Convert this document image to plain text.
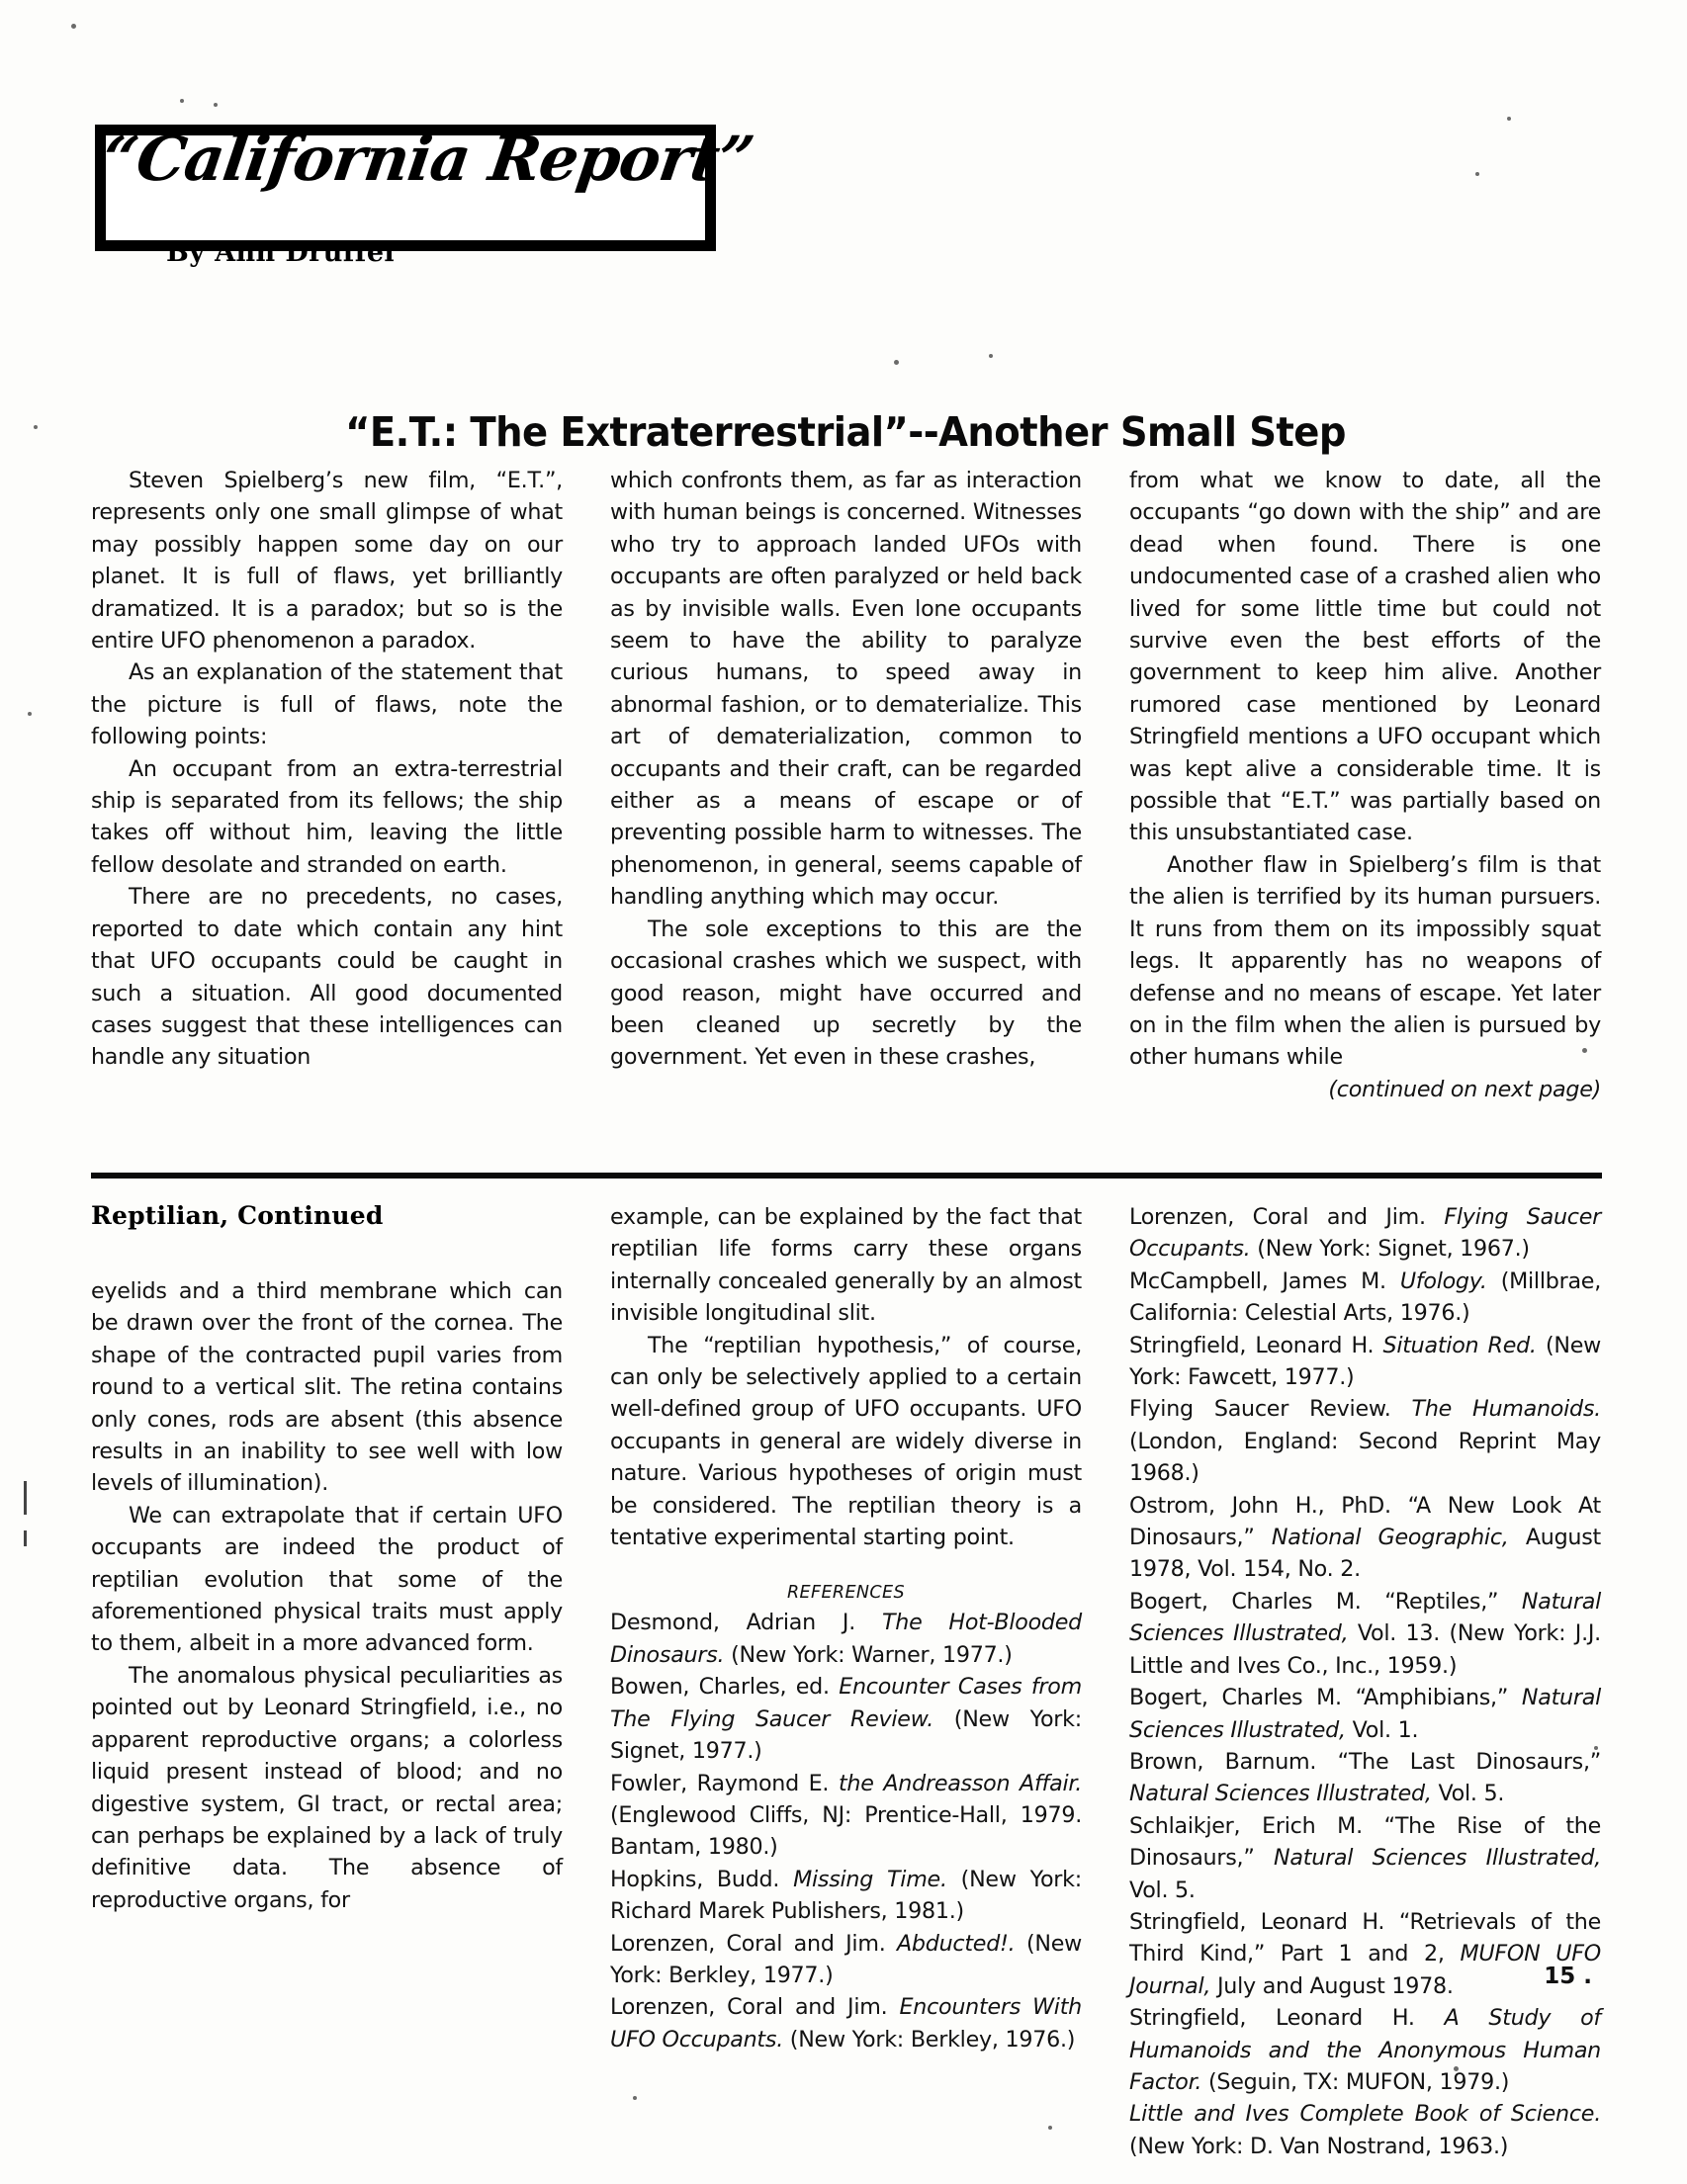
“California Report”
By Ann Druffel
“E.T.: The Extraterrestrial”--Another Small Step

Steven Spielberg’s new film, “E.T.”, represents only one small glimpse of what may possibly happen some day on our planet. It is full of flaws, yet brilliantly dramatized. It is a paradox; but so is the entire UFO phenomenon a paradox.

As an explanation of the statement that the picture is full of flaws, note the following points:

An occupant from an extra-terrestrial ship is separated from its fellows; the ship takes off without him, leaving the little fellow desolate and stranded on earth.

There are no precedents, no cases, reported to date which contain any hint that UFO occupants could be caught in such a situation. All good documented cases suggest that these intelligences can handle any situation

which confronts them, as far as interaction with human beings is concerned. Witnesses who try to approach landed UFOs with occupants are often paralyzed or held back as by invisible walls. Even lone occupants seem to have the ability to paralyze curious humans, to speed away in abnormal fashion, or to dematerialize. This art of dematerialization, common to occupants and their craft, can be regarded either as a means of escape or of preventing possible harm to witnesses. The phenomenon, in general, seems capable of handling anything which may occur.

The sole exceptions to this are the occasional crashes which we suspect, with good reason, might have occurred and been cleaned up secretly by the government. Yet even in these crashes,

from what we know to date, all the occupants “go down with the ship” and are dead when found. There is one undocumented case of a crashed alien who lived for some little time but could not survive even the best efforts of the government to keep him alive. Another rumored case mentioned by Leonard Stringfield mentions a UFO occupant which was kept alive a considerable time. It is possible that “E.T.” was partially based on this unsubstantiated case.

Another flaw in Spielberg’s film is that the alien is terrified by its human pursuers. It runs from them on its impossibly squat legs. It apparently has no weapons of defense and no means of escape. Yet later on in the film when the alien is pursued by other humans while

(continued on next page)

Reptilian, Continued

eyelids and a third membrane which can be drawn over the front of the cornea. The shape of the contracted pupil varies from round to a vertical slit. The retina contains only cones, rods are absent (this absence results in an inability to see well with low levels of illumination).

We can extrapolate that if certain UFO occupants are indeed the product of reptilian evolution that some of the aforementioned physical traits must apply to them, albeit in a more advanced form.

The anomalous physical peculiarities as pointed out by Leonard Stringfield, i.e., no apparent reproductive organs; a colorless liquid present instead of blood; and no digestive system, GI tract, or rectal area; can perhaps be explained by a lack of truly definitive data. The absence of reproductive organs, for

example, can be explained by the fact that reptilian life forms carry these organs internally concealed generally by an almost invisible longitudinal slit.

The “reptilian hypothesis,” of course, can only be selectively applied to a certain well-defined group of UFO occupants. UFO occupants in general are widely diverse in nature. Various hypotheses of origin must be considered. The reptilian theory is a tentative experimental starting point.

REFERENCES

Desmond, Adrian J. The Hot-Blooded Dinosaurs. (New York: Warner, 1977.)

Bowen, Charles, ed. Encounter Cases from The Flying Saucer Review. (New York: Signet, 1977.)

Fowler, Raymond E. the Andreasson Affair. (Englewood Cliffs, NJ: Prentice-Hall, 1979. Bantam, 1980.)

Hopkins, Budd. Missing Time. (New York: Richard Marek Publishers, 1981.)

Lorenzen, Coral and Jim. Abducted!. (New York: Berkley, 1977.)

Lorenzen, Coral and Jim. Encounters With UFO Occupants. (New York: Berkley, 1976.)

Lorenzen, Coral and Jim. Flying Saucer Occupants. (New York: Signet, 1967.)

McCampbell, James M. Ufology. (Millbrae, California: Celestial Arts, 1976.)

Stringfield, Leonard H. Situation Red. (New York: Fawcett, 1977.)

Flying Saucer Review. The Humanoids. (London, England: Second Reprint May 1968.)

Ostrom, John H., PhD. “A New Look At Dinosaurs,” National Geographic, August 1978, Vol. 154, No. 2.

Bogert, Charles M. “Reptiles,” Natural Sciences Illustrated, Vol. 13. (New York: J.J. Little and Ives Co., Inc., 1959.)

Bogert, Charles M. “Amphibians,” Natural Sciences Illustrated, Vol. 1.

Brown, Barnum. “The Last Dinosaurs,” Natural Sciences Illustrated, Vol. 5.

Schlaikjer, Erich M. “The Rise of the Dinosaurs,” Natural Sciences Illustrated, Vol. 5.

Stringfield, Leonard H. “Retrievals of the Third Kind,” Part 1 and 2, MUFON UFO Journal, July and August 1978.

Stringfield, Leonard H. A Study of Humanoids and the Anonymous Human Factor. (Seguin, TX: MUFON, 1979.)

Little and Ives Complete Book of Science. (New York: D. Van Nostrand, 1963.)

15 .
